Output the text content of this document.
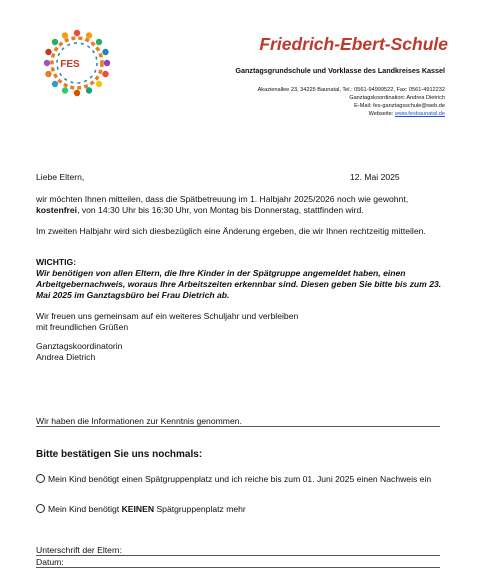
FES
Friedrich-Ebert-Schule
Ganztagsgrundschule und Vorklasse des Landkreises Kassel
Akazienallee 23, 34225 Baunatal, Tel.: 0561-94999522, Fax: 0561-4912232
Ganztagskoordination: Andrea Dietrich
E-Mail: fes-ganztagsschule@web.de
Webseite: www.fesbaunatal.de
Liebe Eltern,	12. Mai 2025
wir möchten Ihnen mitteilen, dass die Spätbetreuung im 1. Halbjahr 2025/2026 noch wie gewohnt,
kostenfrei, von 14:30 Uhr bis 16:30 Uhr, von Montag bis Donnerstag, stattfinden wird.
Im zweiten Halbjahr wird sich diesbezüglich eine Änderung ergeben, die wir Ihnen rechtzeitig mitteilen.
WICHTIG:
Wir benötigen von allen Eltern, die Ihre Kinder in der Spätgruppe angemeldet haben, einen Arbeitgebernachweis, woraus Ihre Arbeitszeiten erkennbar sind. Diesen geben Sie bitte bis zum 23. Mai 2025 im Ganztagsbüro bei Frau Dietrich ab.
Wir freuen uns gemeinsam auf ein weiteres Schuljahr und verbleiben
mit freundlichen Grüßen
Ganztagskoordinatorin
Andrea Dietrich
Wir haben die Informationen zur Kenntnis genommen.
Bitte bestätigen Sie uns nochmals:
Mein Kind benötigt einen Spätgruppenplatz und ich reiche bis zum 01. Juni 2025 einen Nachweis ein
Mein Kind benötigt KEINEN Spätgruppenplatz mehr
Unterschrift der Eltern:
Datum:
